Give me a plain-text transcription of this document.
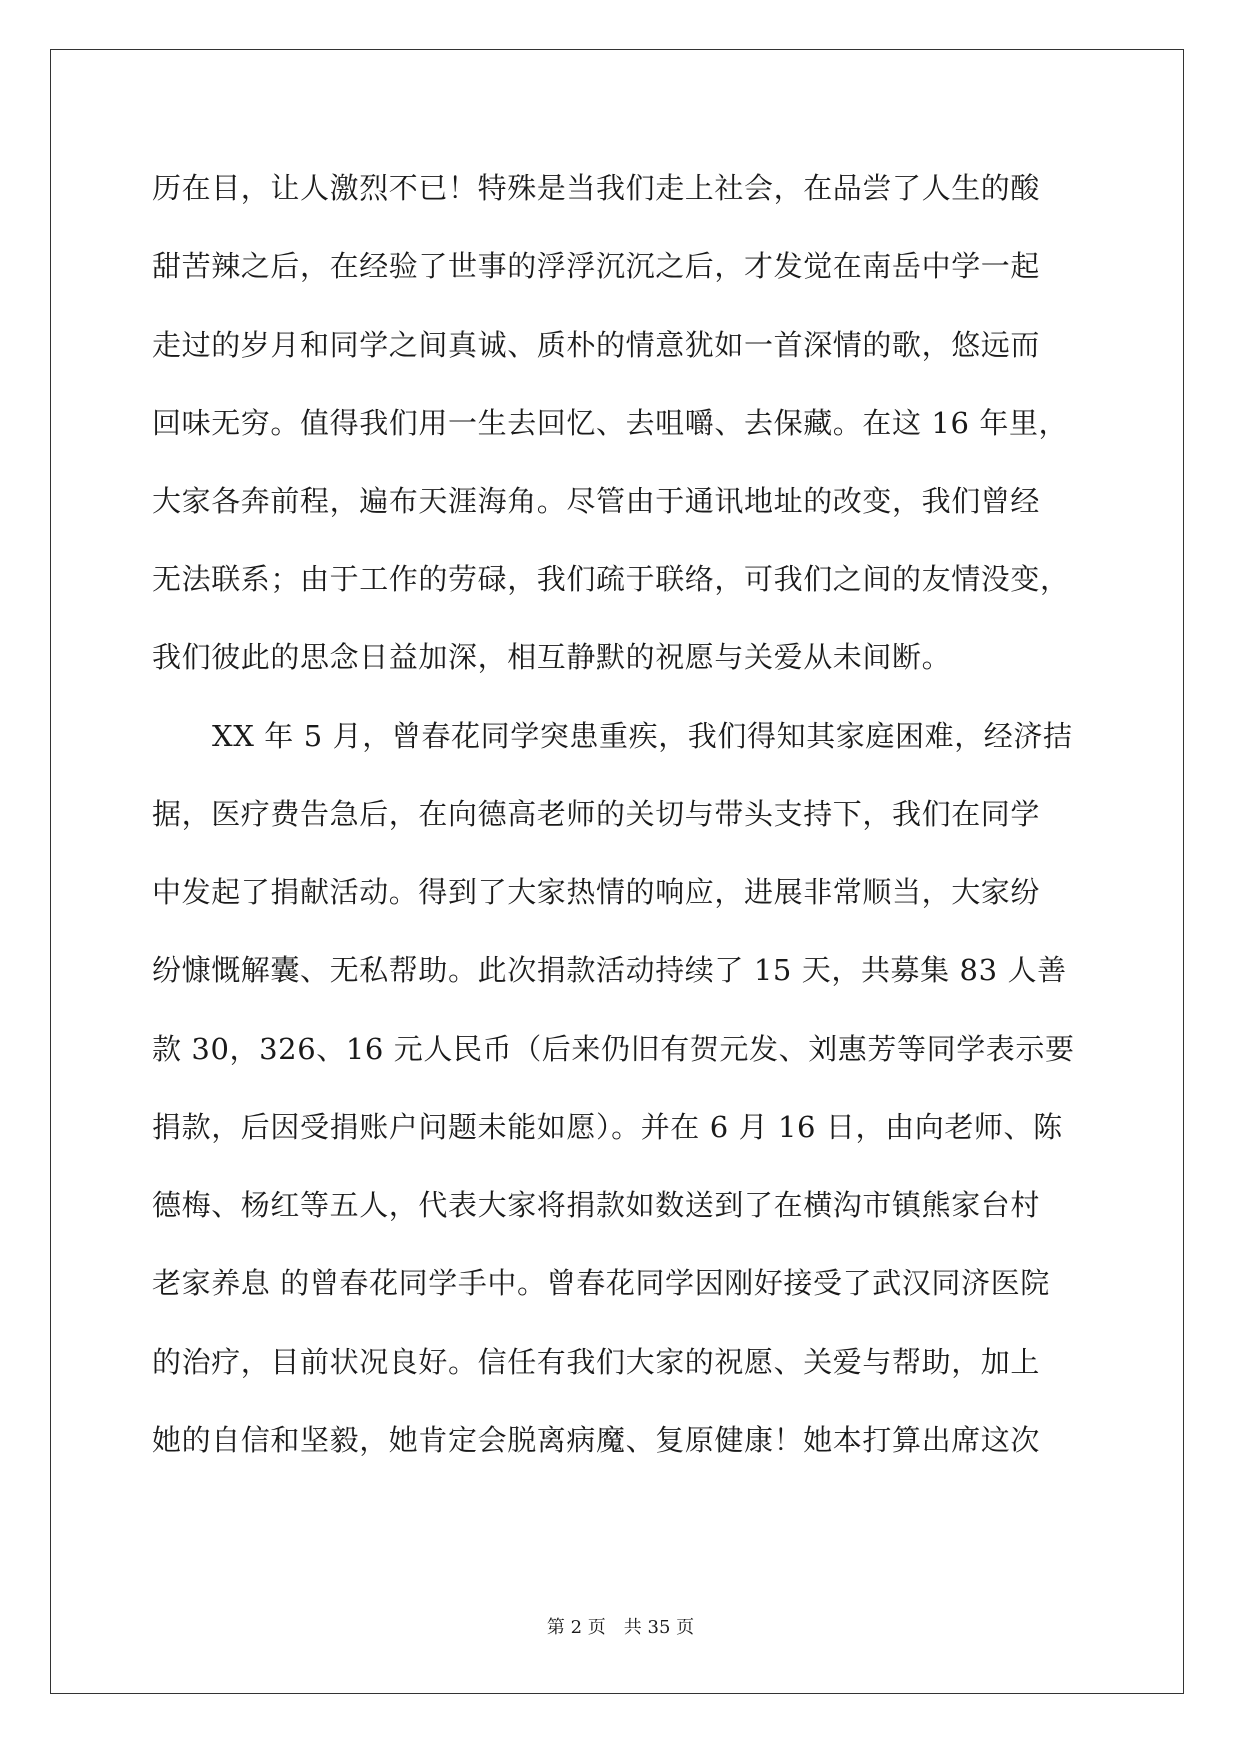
历在目，让人激烈不已！特殊是当我们走上社会，在品尝了人生的酸
甜苦辣之后，在经验了世事的浮浮沉沉之后，才发觉在南岳中学一起
走过的岁月和同学之间真诚、质朴的情意犹如一首深情的歌，悠远而
回味无穷。值得我们用一生去回忆、去咀嚼、去保藏。在这 16 年里，
大家各奔前程，遍布天涯海角。尽管由于通讯地址的改变，我们曾经
无法联系；由于工作的劳碌，我们疏于联络，可我们之间的友情没变，
我们彼此的思念日益加深，相互静默的祝愿与关爱从未间断。
XX 年 5 月，曾春花同学突患重疾，我们得知其家庭困难，经济拮
据，医疗费告急后，在向德高老师的关切与带头支持下，我们在同学
中发起了捐献活动。得到了大家热情的响应，进展非常顺当，大家纷
纷慷慨解囊、无私帮助。此次捐款活动持续了 15 天，共募集 83 人善
款 30，326、16 元人民币（后来仍旧有贺元发、刘惠芳等同学表示要
捐款，后因受捐账户问题未能如愿）。并在 6 月 16 日，由向老师、陈
德梅、杨红等五人，代表大家将捐款如数送到了在横沟市镇熊家台村
老家养息 的曾春花同学手中。曾春花同学因刚好接受了武汉同济医院
的治疗，目前状况良好。信任有我们大家的祝愿、关爱与帮助，加上
她的自信和坚毅，她肯定会脱离病魔、复原健康！她本打算出席这次
第 2 页　共 35 页
